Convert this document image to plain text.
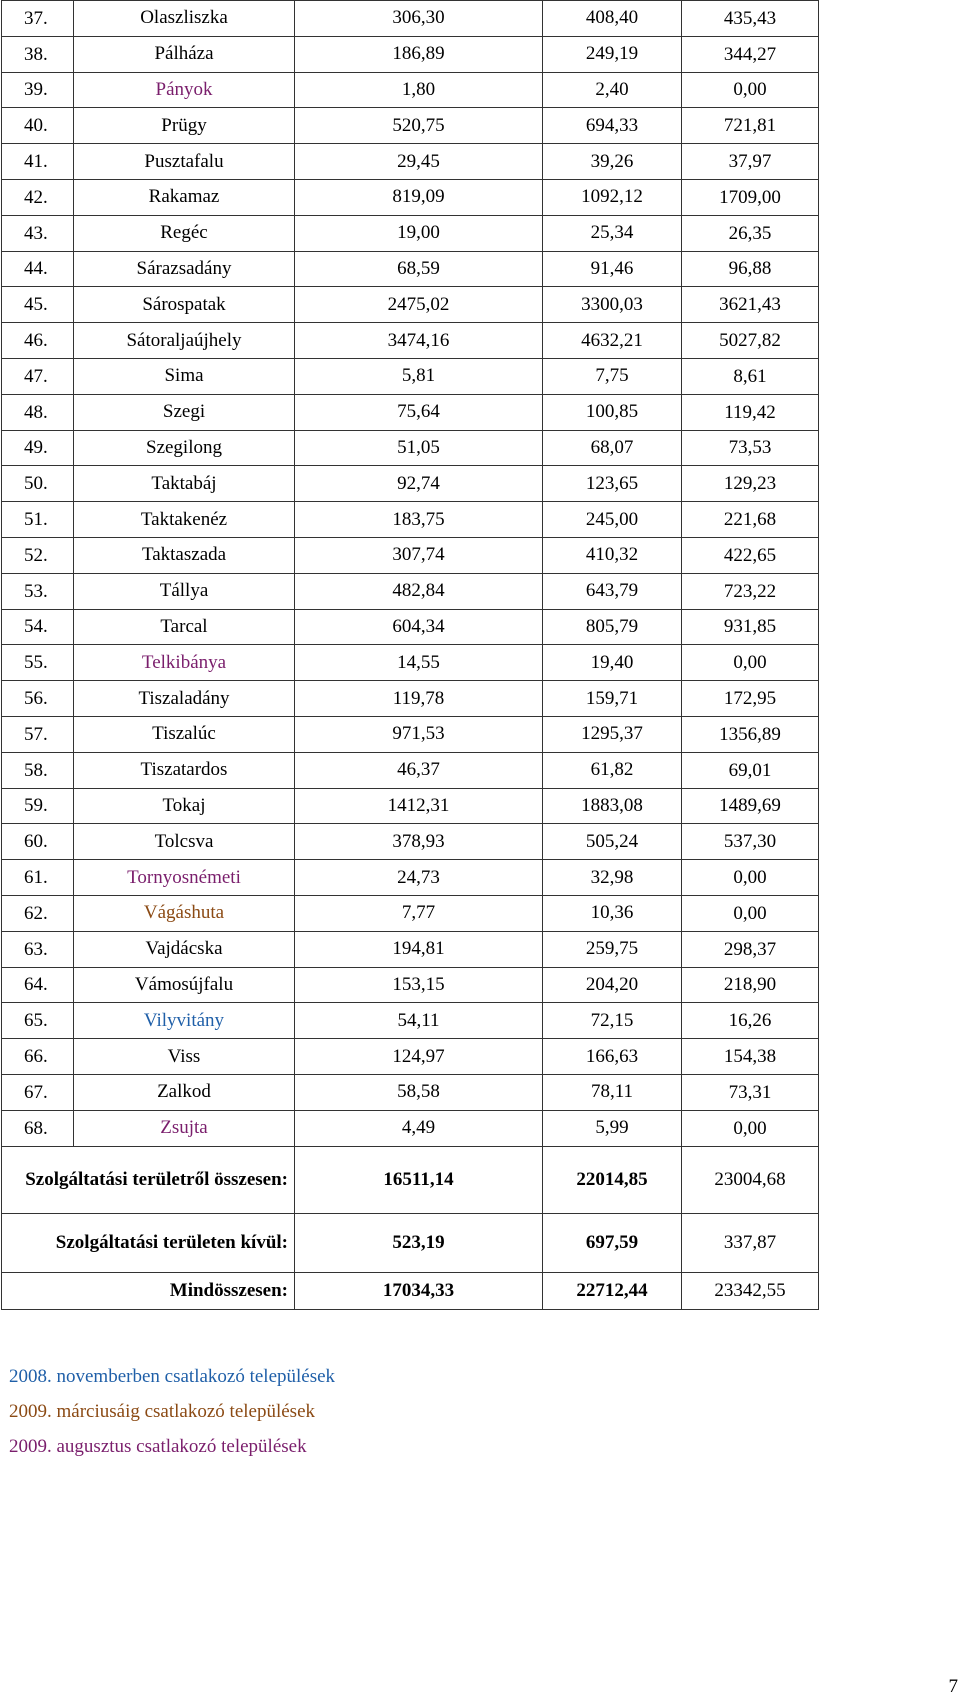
37.	Olaszliszka	306,30	408,40	435,43
38.	Pálháza	186,89	249,19	344,27
39.	Pányok	1,80	2,40	0,00
40.	Prügy	520,75	694,33	721,81
41.	Pusztafalu	29,45	39,26	37,97
42.	Rakamaz	819,09	1092,12	1709,00
43.	Regéc	19,00	25,34	26,35
44.	Sárazsadány	68,59	91,46	96,88
45.	Sárospatak	2475,02	3300,03	3621,43
46.	Sátoraljaújhely	3474,16	4632,21	5027,82
47.	Sima	5,81	7,75	8,61
48.	Szegi	75,64	100,85	119,42
49.	Szegilong	51,05	68,07	73,53
50.	Taktabáj	92,74	123,65	129,23
51.	Taktakenéz	183,75	245,00	221,68
52.	Taktaszada	307,74	410,32	422,65
53.	Tállya	482,84	643,79	723,22
54.	Tarcal	604,34	805,79	931,85
55.	Telkibánya	14,55	19,40	0,00
56.	Tiszaladány	119,78	159,71	172,95
57.	Tiszalúc	971,53	1295,37	1356,89
58.	Tiszatardos	46,37	61,82	69,01
59.	Tokaj	1412,31	1883,08	1489,69
60.	Tolcsva	378,93	505,24	537,30
61.	Tornyosnémeti	24,73	32,98	0,00
62.	Vágáshuta	7,77	10,36	0,00
63.	Vajdácska	194,81	259,75	298,37
64.	Vámosújfalu	153,15	204,20	218,90
65.	Vilyvitány	54,11	72,15	16,26
66.	Viss	124,97	166,63	154,38
67.	Zalkod	58,58	78,11	73,31
68.	Zsujta	4,49	5,99	0,00
Szolgáltatási területről összesen:		16511,14	22014,85	23004,68
Szolgáltatási területen kívül:		523,19	697,59	337,87
Mindösszesen:		17034,33	22712,44	23342,55
2008. novemberben csatlakozó települések
2009. márciusáig csatlakozó települések
2009. augusztus csatlakozó települések
7
